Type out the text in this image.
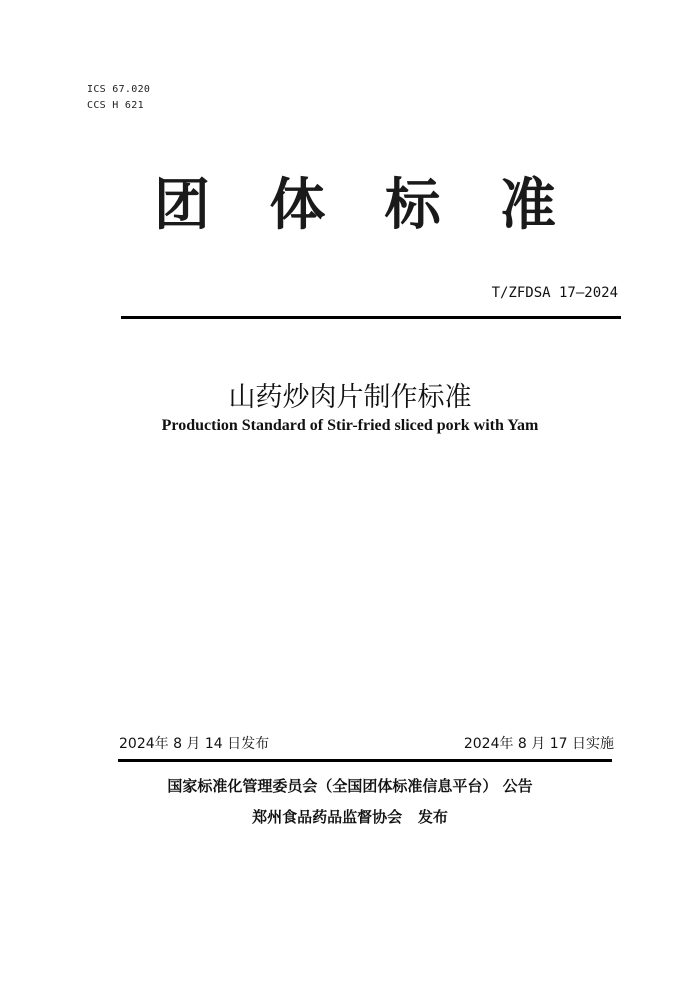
ICS 67.020
CCS H 621
团 体 标 准
T/ZFDSA 17—2024
山药炒肉片制作标准
Production Standard of Stir-fried sliced pork with Yam
2024年 8 月 14 日发布	2024年 8 月 17 日实施
国家标准化管理委员会（全国团体标准信息平台） 公告
郑州食品药品监督协会   发布
